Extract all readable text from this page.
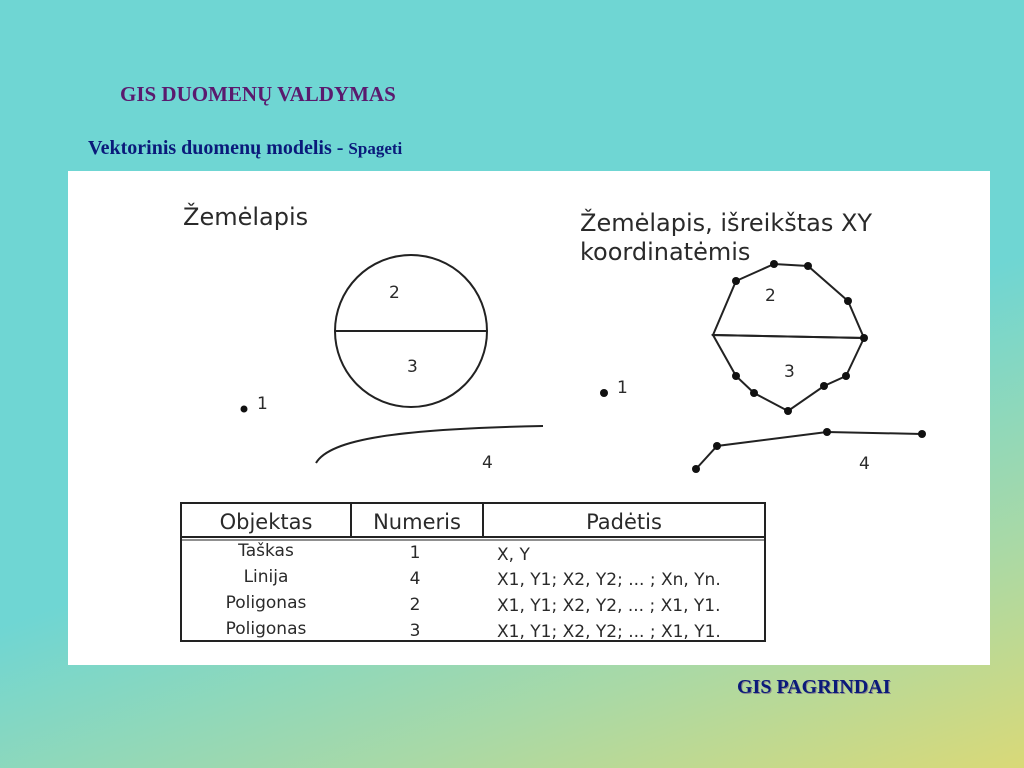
GIS DUOMENŲ VALDYMAS
Vektorinis duomenų modelis - Spageti
Žemėlapis
2
3
1
4
Žemėlapis, išreikštas XY
koordinatėmis
2
3
1
4
Objektas	Numeris	Padėtis
Taškas	1	X, Y
Linija	4	X1, Y1; X2, Y2; ... ; Xn, Yn.
Poligonas	2	X1, Y1; X2, Y2, ... ; X1, Y1.
Poligonas	3	X1, Y1; X2, Y2; ... ; X1, Y1.
GIS PAGRINDAI
